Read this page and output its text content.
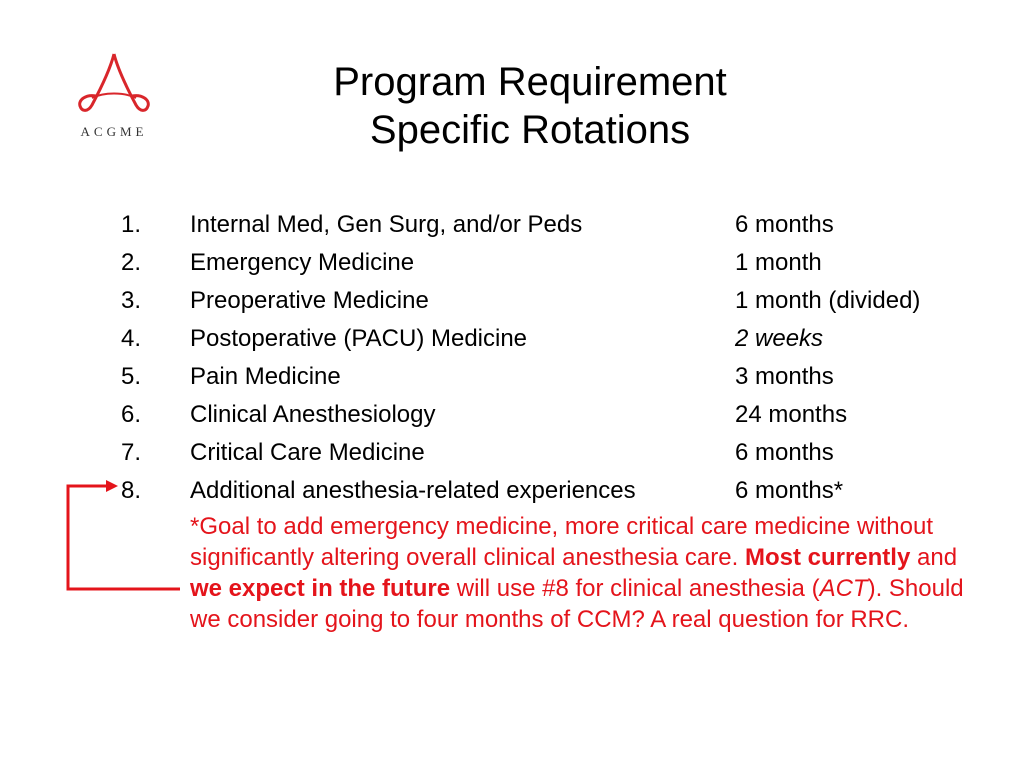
ACGME
Program Requirement
Specific Rotations
1.	Internal Med, Gen Surg, and/or Peds	6 months
2.	Emergency Medicine	1 month
3.	Preoperative Medicine	1 month (divided)
4.	Postoperative (PACU) Medicine	2 weeks
5.	Pain Medicine	3 months
6.	Clinical Anesthesiology	24 months
7.	Critical Care Medicine	6 months
8.	Additional anesthesia-related experiences	6 months*
*Goal to add emergency medicine, more critical care medicine without significantly altering overall clinical anesthesia care. Most currently and we expect in the future will use #8 for clinical anesthesia (ACT). Should we consider going to four months of CCM? A real question for RRC.
